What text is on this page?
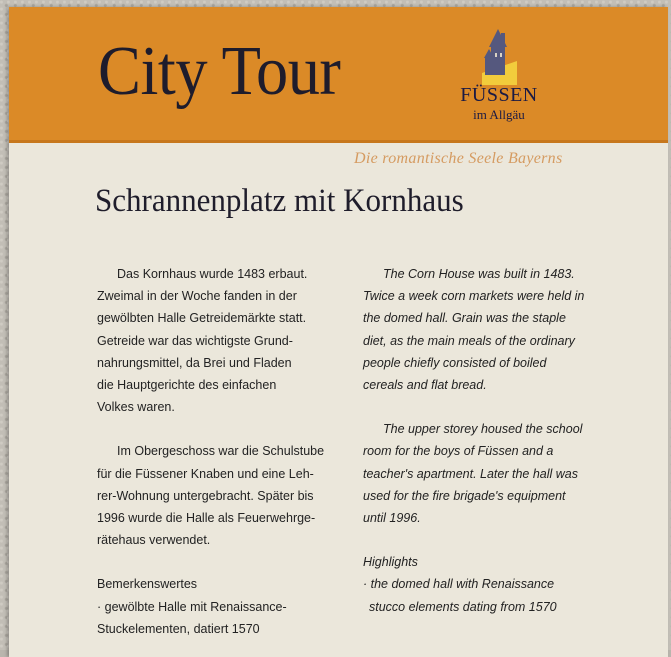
City Tour	FÜSSEN
im Allgäu
Die romantische Seele Bayerns
Schrannenplatz mit Kornhaus

Das Kornhaus wurde 1483 erbaut.
Zweimal in der Woche fanden in der
gewölbten Halle Getreidemärkte statt.
Getreide war das wichtigste Grund-
nahrungsmittel, da Brei und Fladen
die Hauptgerichte des einfachen
Volkes waren.

Im Obergeschoss war die Schulstube
für die Füssener Knaben und eine Leh-
rer-Wohnung untergebracht. Später bis
1996 wurde die Halle als Feuerwehrge-
rätehaus verwendet.

Bemerkenswertes
· gewölbte Halle mit Renaissance-
Stuckelementen, datiert 1570

The Corn House was built in 1483.
Twice a week corn markets were held in
the domed hall. Grain was the staple
diet, as the main meals of the ordinary
people chiefly consisted of boiled
cereals and flat bread.

The upper storey housed the school
room for the boys of Füssen and a
teacher's apartment. Later the hall was
used for the fire brigade's equipment
until 1996.

Highlights
· the domed hall with Renaissance
stucco elements dating from 1570
